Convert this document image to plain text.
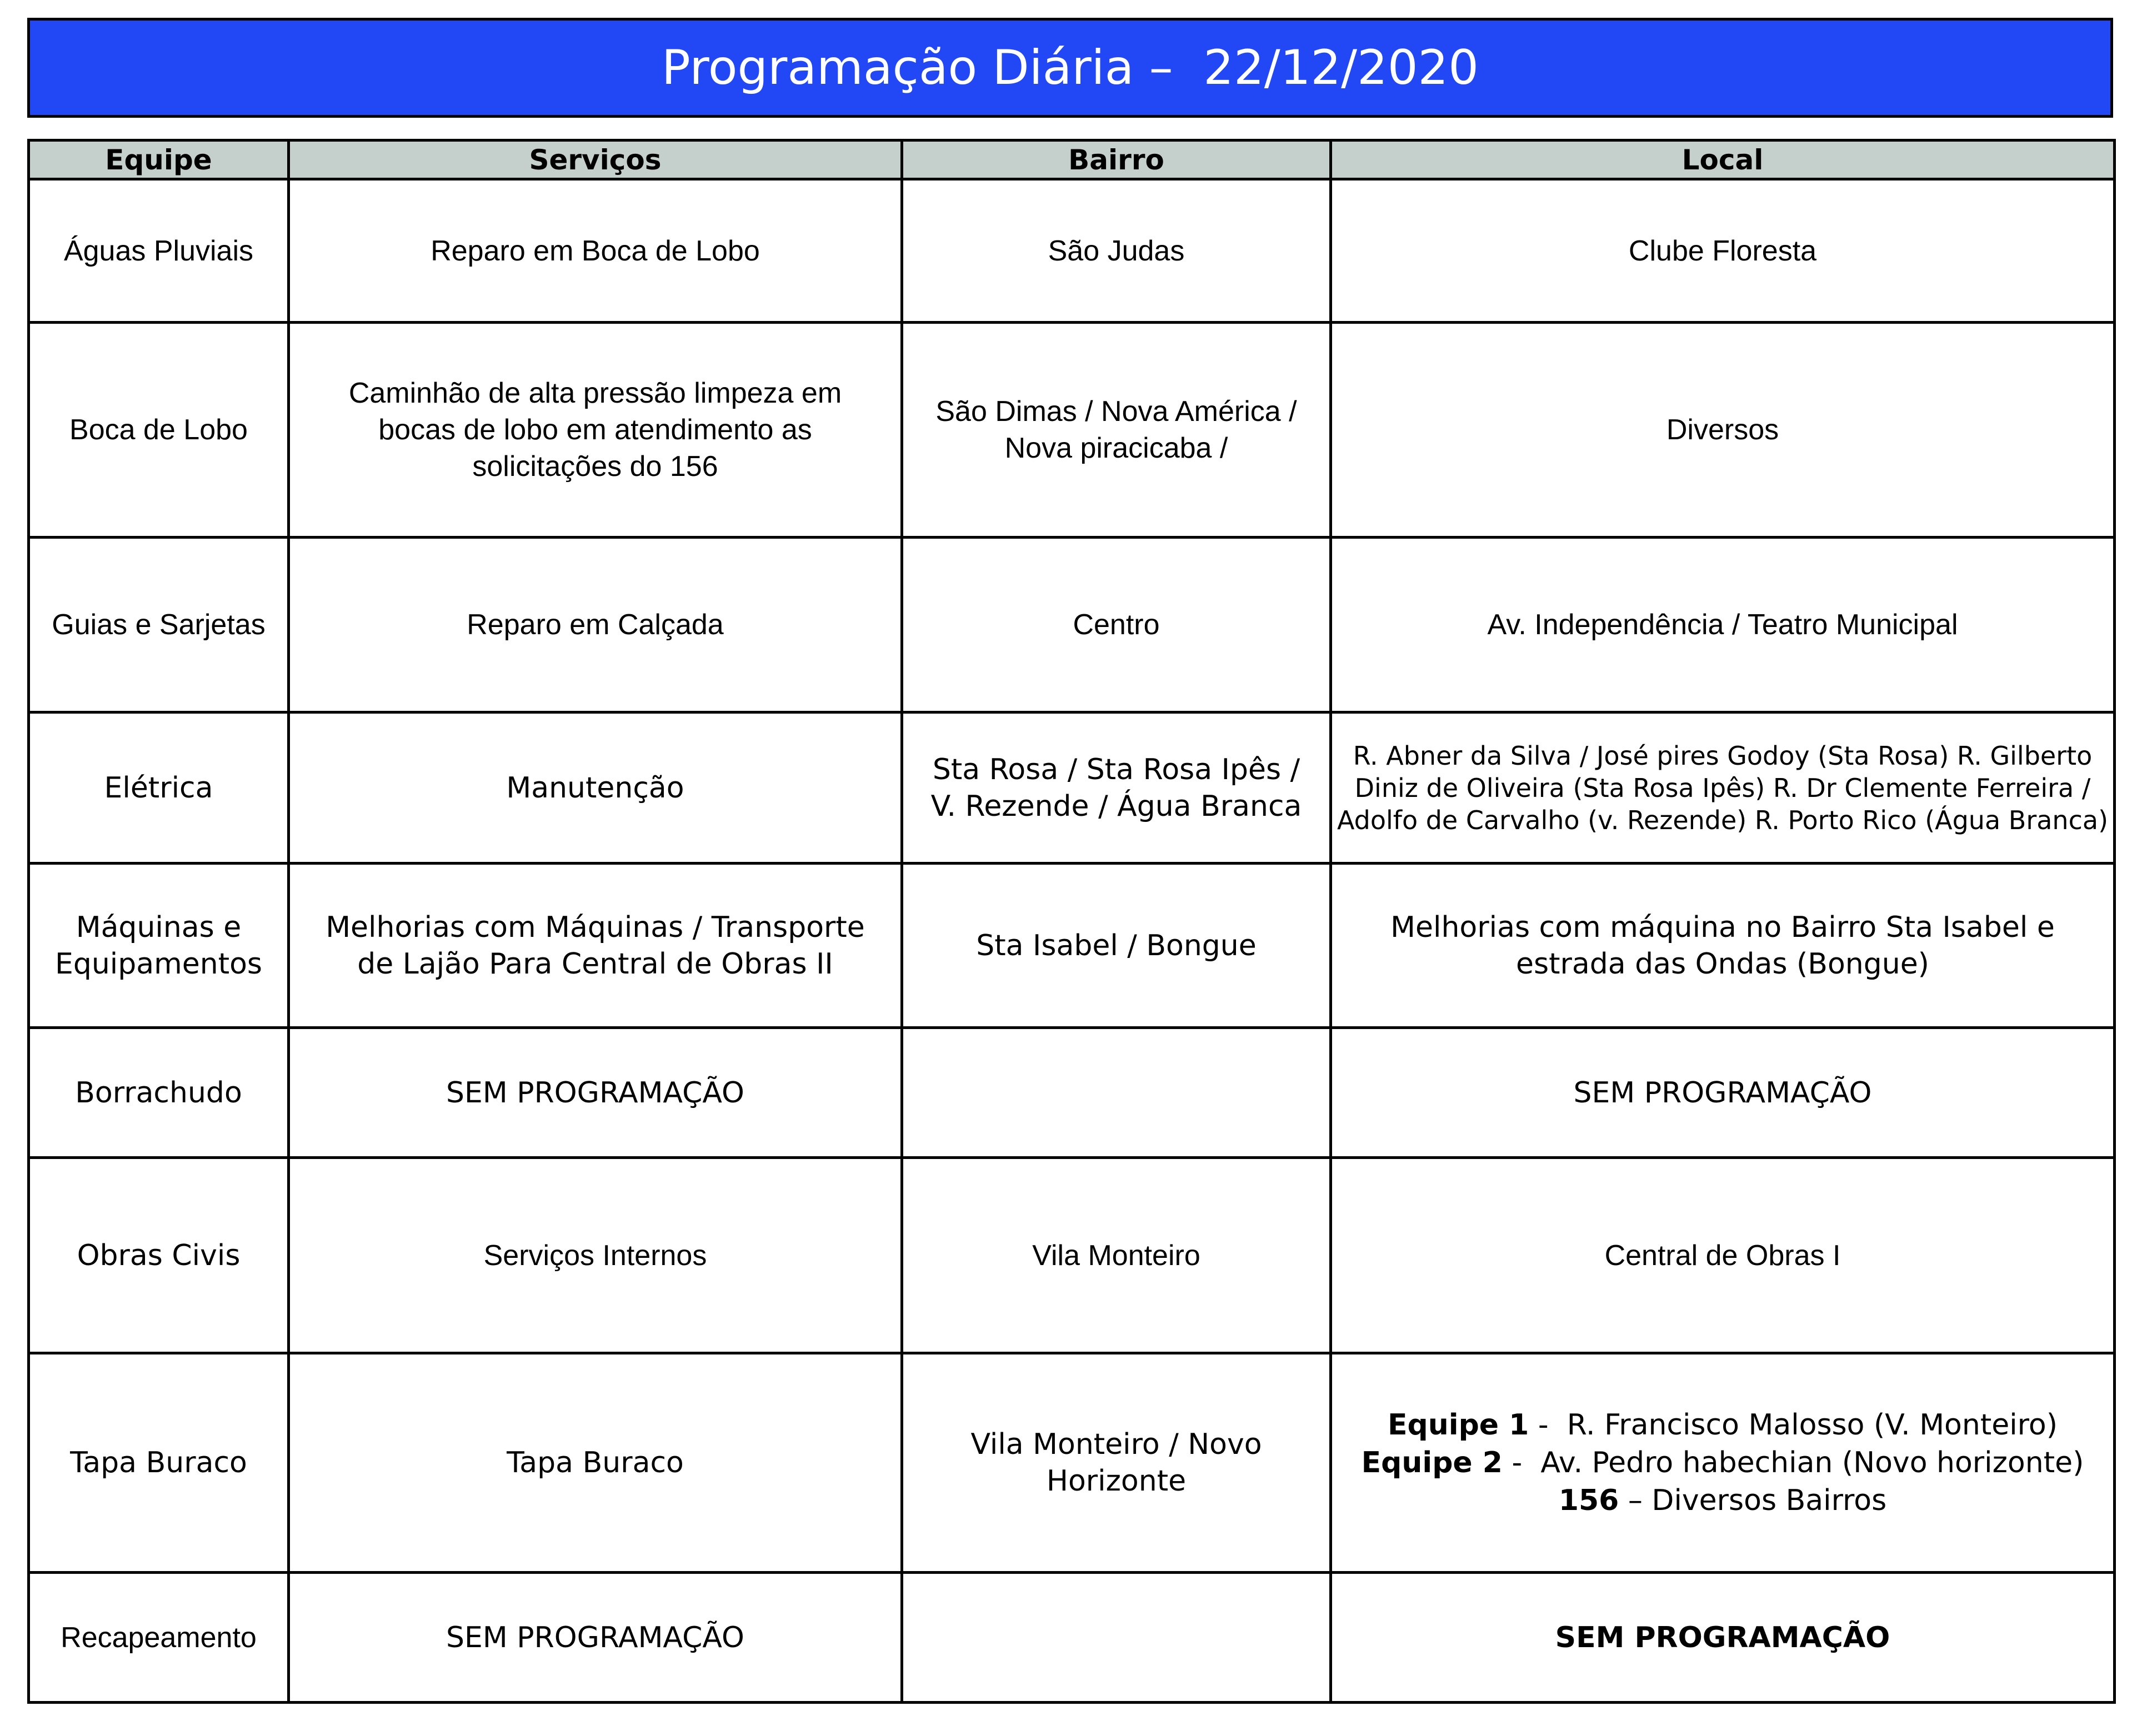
Programação Diária –  22/12/2020
Equipe	Serviços	Bairro	Local
Águas Pluviais	Reparo em Boca de Lobo	São Judas	Clube Floresta
Boca de Lobo	Caminhão de alta pressão limpeza em bocas de lobo em atendimento as solicitações do 156	São Dimas / Nova América / Nova piracicaba /	Diversos
Guias e Sarjetas	Reparo em Calçada	Centro	Av. Independência / Teatro Municipal
Elétrica	Manutenção	Sta Rosa / Sta Rosa Ipês / V. Rezende / Água Branca	R. Abner da Silva / José pires Godoy (Sta Rosa) R. Gilberto Diniz de Oliveira (Sta Rosa Ipês) R. Dr Clemente Ferreira / Adolfo de Carvalho (v. Rezende) R. Porto Rico (Água Branca)
Máquinas e Equipamentos	Melhorias com Máquinas / Transporte de Lajão Para Central de Obras II	Sta Isabel / Bongue	Melhorias com máquina no Bairro Sta Isabel e estrada das Ondas (Bongue)
Borrachudo	SEM PROGRAMAÇÃO		SEM PROGRAMAÇÃO
Obras Civis	Serviços Internos	Vila Monteiro	Central de Obras I
Tapa Buraco	Tapa Buraco	Vila Monteiro / Novo Horizonte	Equipe 1 -  R. Francisco Malosso (V. Monteiro)
Equipe 2 -  Av. Pedro habechian (Novo horizonte)
156 – Diversos Bairros

Recapeamento	SEM PROGRAMAÇÃO		SEM PROGRAMAÇÃO
